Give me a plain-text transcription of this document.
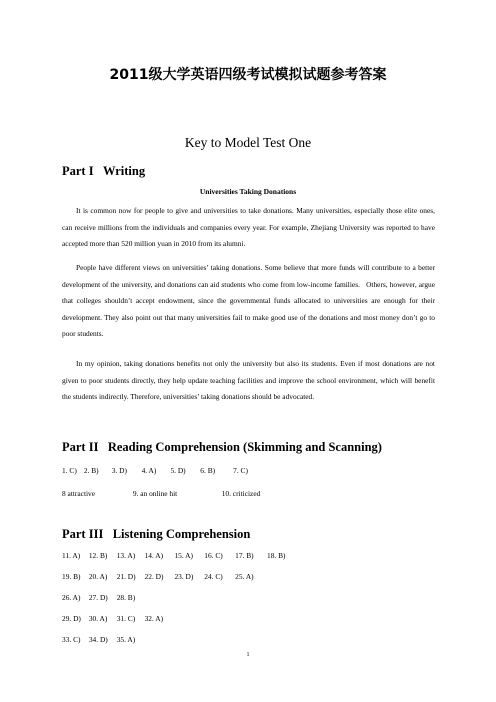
2011级大学英语四级考试模拟试题参考答案
Key to Model Test One
Part I   Writing
Universities Taking Donations

It is common now for people to give and universities to take donations. Many universities, especially those elite ones, can receive millions from the individuals and companies every year. For example, Zhejiang University was reported to have accepted more than 520 million yuan in 2010 from its alumni.

People have different views on universities’ taking donations. Some believe that more funds will contribute to a better development of the university, and donations can aid students who come from low-income families.   Others, however, argue that colleges shouldn’t accept endowment, since the governmental funds allocated to universities are enough for their development. They also point out that many universities fail to make good use of the donations and most money don’t go to poor students.

In my opinion, taking donations benefits not only the university but also its students. Even if most donations are not given to poor students directly, they help update teaching facilities and improve the school environment, which will benefit the students indirectly. Therefore, universities’ taking donations should be advocated.

Part II   Reading Comprehension (Skimming and Scanning)
1. C) 2. B) 3. D) 4. A) 5. D) 6. B) 7. C)
8 attractive	9. an online hit	10. criticized
Part III   Listening Comprehension
11. A) 12. B) 13. A) 14. A) 15. A) 16. C) 17. B) 18. B)
19. B) 20. A) 21. D) 22. D) 23. D) 24. C) 25. A)
26. A) 27. D) 28. B)
29. D) 30. A) 31. C) 32. A)
33. C) 34. D) 35. A)
1
